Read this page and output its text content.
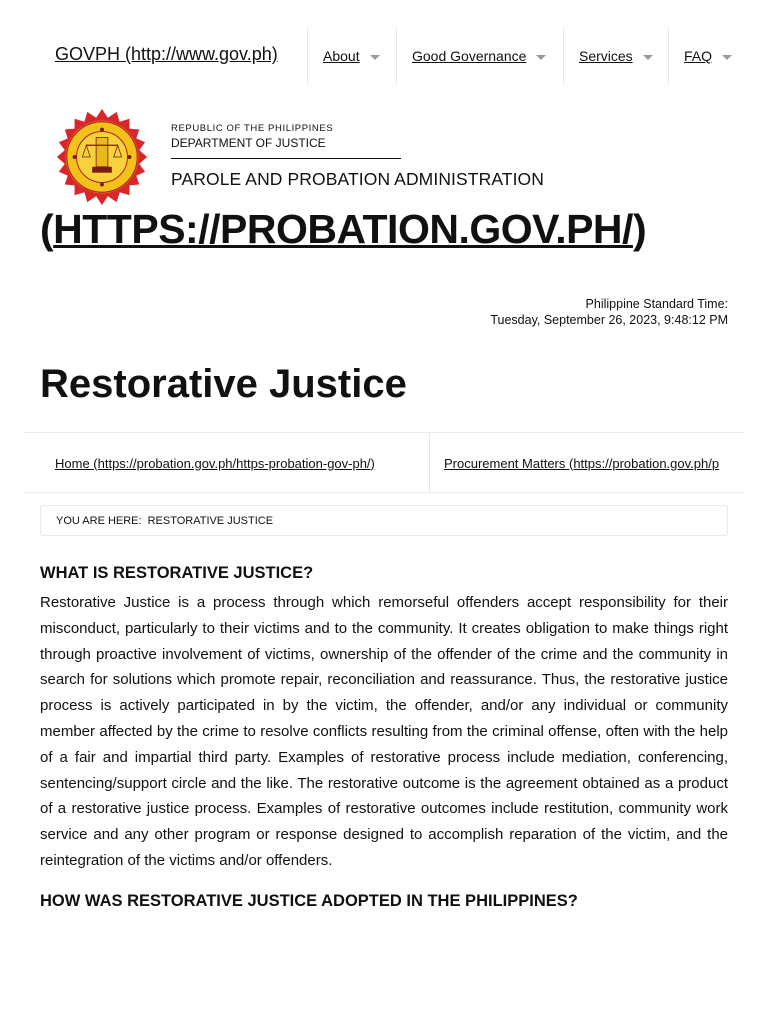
GOVPH (http://www.gov.ph)	About	Good Governance	Services	FAQ
REPUBLIC OF THE PHILIPPINES
DEPARTMENT OF JUSTICE
PAROLE AND PROBATION ADMINISTRATION
(HTTPS://PROBATION.GOV.PH/)
Philippine Standard Time:
Tuesday, September 26, 2023, 9:48:12 PM
Restorative Justice
Home (https://probation.gov.ph/https-probation-gov-ph/)	Procurement Matters (https://probation.gov.ph/p
YOU ARE HERE: RESTORATIVE JUSTICE
WHAT IS RESTORATIVE JUSTICE?

Restorative Justice is a process through which remorseful offenders accept responsibility for their misconduct, particularly to their victims and to the community. It creates obligation to make things right through proactive involvement of victims, ownership of the offender of the crime and the community in search for solutions which promote repair, reconciliation and reassurance. Thus, the restorative justice process is actively participated in by the victim, the offender, and/or any individual or community member affected by the crime to resolve conflicts resulting from the criminal offense, often with the help of a fair and impartial third party. Examples of restorative process include mediation, conferencing, sentencing/support circle and the like. The restorative outcome is the agreement obtained as a product of a restorative justice process. Examples of restorative outcomes include restitution, community work service and any other program or response designed to accomplish reparation of the victim, and the reintegration of the victims and/or offenders.

HOW WAS RESTORATIVE JUSTICE ADOPTED IN THE PHILIPPINES?
